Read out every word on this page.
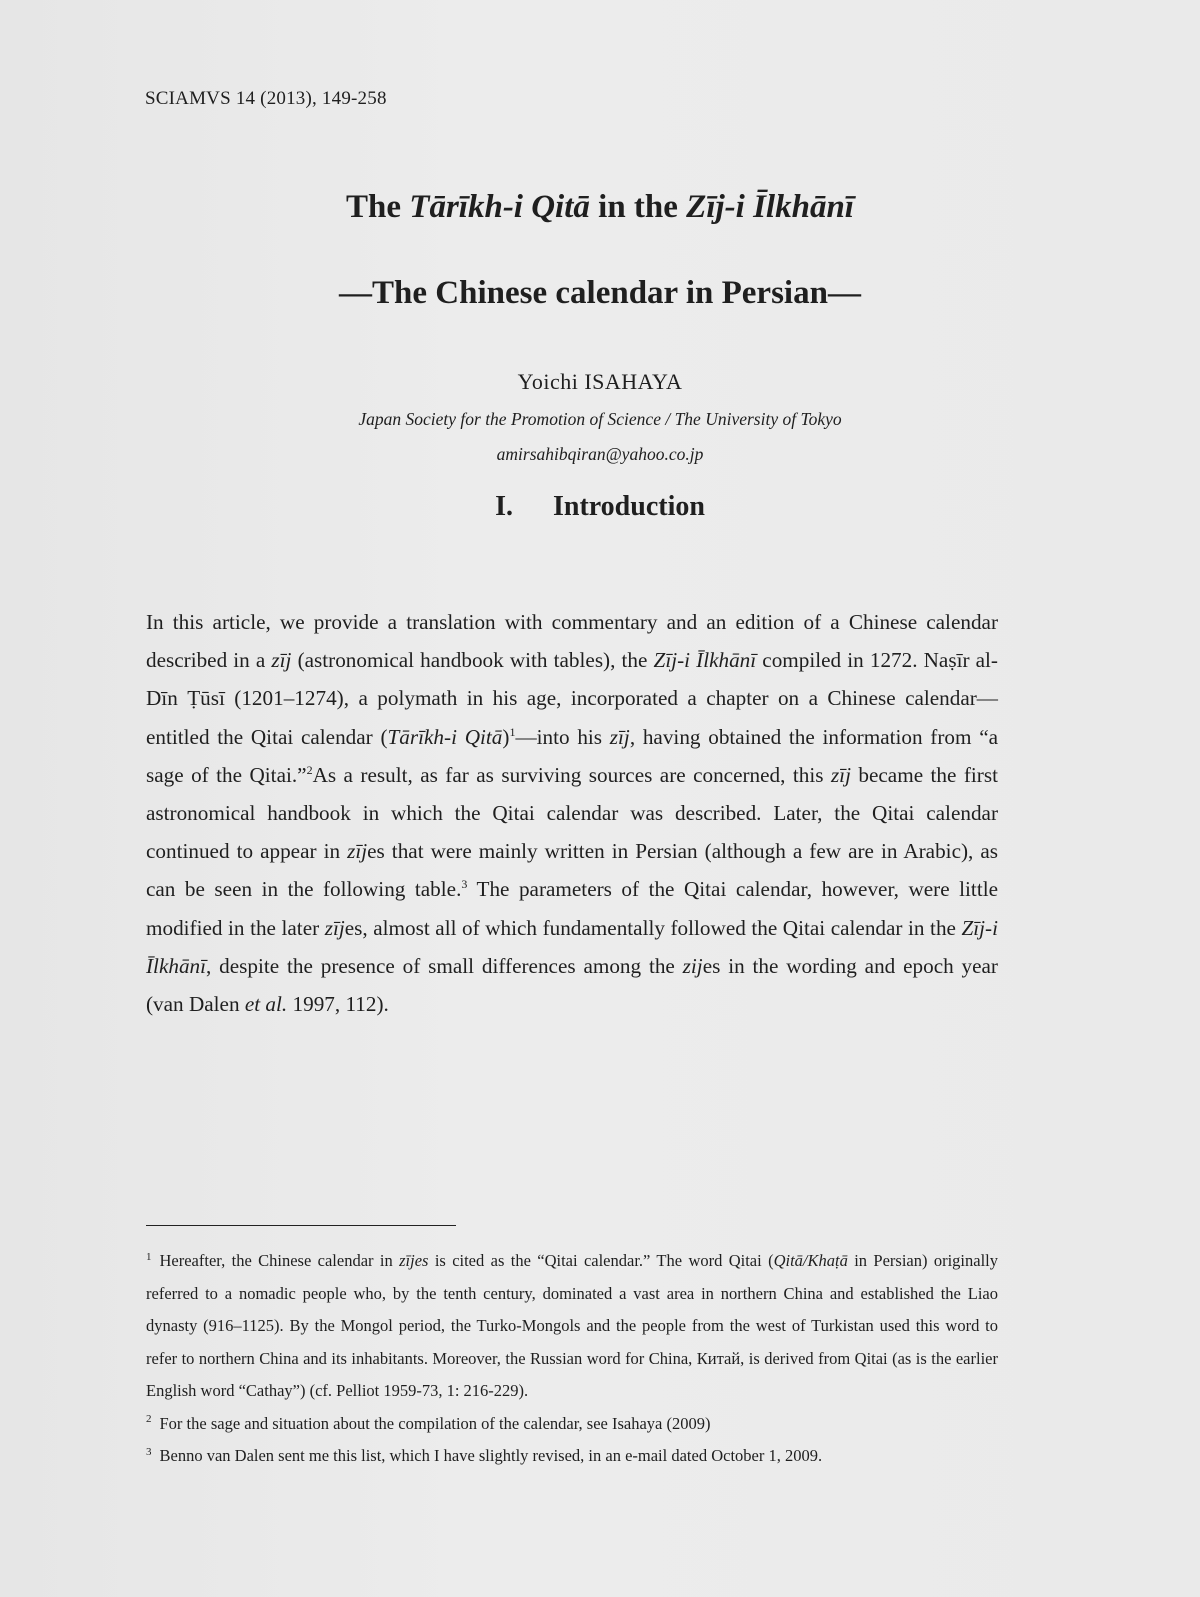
SCIAMVS 14 (2013), 149-258
The Tārīkh-i Qitā in the Zīj-i Īlkhānī
—The Chinese calendar in Persian—
Yoichi ISAHAYA
Japan Society for the Promotion of Science / The University of Tokyo
amirsahibqiran@yahoo.co.jp
I. Introduction
In this article, we provide a translation with commentary and an edition of a Chinese calendar described in a zīj (astronomical handbook with tables), the Zīj-i Īlkhānī compiled in 1272. Naṣīr al-Dīn Ṭūsī (1201–1274), a polymath in his age, incorporated a chapter on a Chinese calendar—entitled the Qitai calendar (Tārīkh-i Qitā)$^1$—into his zīj, having obtained the information from “a sage of the Qitai.”$^2$As a result, as far as surviving sources are concerned, this zīj became the first astronomical handbook in which the Qitai calendar was described. Later, the Qitai calendar continued to appear in zījes that were mainly written in Persian (although a few are in Arabic), as can be seen in the following table.$^3$ The parameters of the Qitai calendar, however, were little modified in the later zījes, almost all of which fundamentally followed the Qitai calendar in the Zīj-i Īlkhānī, despite the presence of small differences among the zijes in the wording and epoch year (van Dalen et al. 1997, 112).

$^1$ Hereafter, the Chinese calendar in zījes is cited as the “Qitai calendar.” The word Qitai (Qitā/Khaṭā in Persian) originally referred to a nomadic people who, by the tenth century, dominated a vast area in northern China and established the Liao dynasty (916–1125). By the Mongol period, the Turko-Mongols and the people from the west of Turkistan used this word to refer to northern China and its inhabitants. Moreover, the Russian word for China, Китай, is derived from Qitai (as is the earlier English word “Cathay”) (cf. Pelliot 1959-73, 1: 216-229).

$^2$ For the sage and situation about the compilation of the calendar, see Isahaya (2009)

$^3$ Benno van Dalen sent me this list, which I have slightly revised, in an e-mail dated October 1, 2009.
